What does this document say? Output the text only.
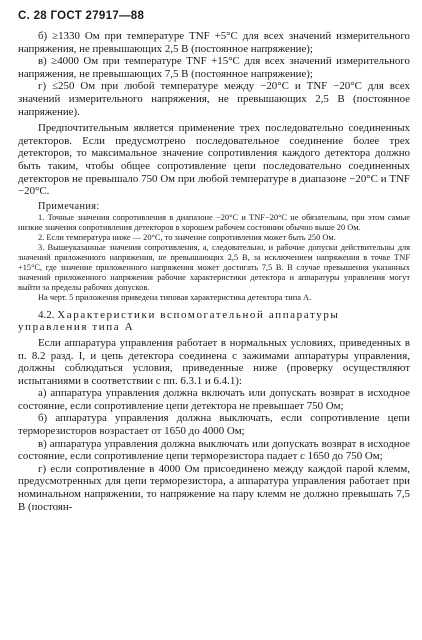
С. 28 ГОСТ 27917—88

б) ≥1330 Ом при температуре TNF +5°С для всех значений измерительного напряжения, не превышающих 2,5 В (постоянное напряжение);

в) ≥4000 Ом при температуре TNF +15°С для всех значений измерительного напряжения, не превышающих 7,5 В (постоянное напряжение);

г) ≤250 Ом при любой температуре между −20°С и TNF −20°С для всех значений измерительного напряжения, не превышающих 2,5 В (постоянное напряжение).

Предпочтительным является применение трех последовательно соединенных детекторов. Если предусмотрено последовательное соединение более трех детекторов, то максимальное значение сопротивления каждого детектора должно быть таким, чтобы общее сопротивление цепи последовательно соединенных детекторов не превышало 750 Ом при любой температуре в диапазоне −20°С и TNF −20°С.

Примечания:

1. Точные значения сопротивления в диапазоне −20°С и TNF−20°С не обязательны, при этом самые низкие значения сопротивления детекторов в хорошем рабочем состоянии обычно выше 20 Ом.

2. Если температура ниже — 20°С, то значение сопротивления может быть 250 Ом.

3. Вышеуказанные значения сопротивления, а, следовательно, и рабочие допуски действительны для значений приложенного напряжения, не превышающих 2,5 В, за исключением напряжения в точке TNF +15°С, где значение приложенного напряжения может достигать 7,5 В. В случае превышения указанных значений приложенного напряжения рабочие характеристики детектора и аппаратуры управления могут выйти за пределы рабочих допусков.

На черт. 5 приложения приведена типовая характеристика детектора типа А.

4.2. Характеристики вспомогательной аппаратуры управления типа А

Если аппаратура управления работает в нормальных условиях, приведенных в п. 8.2 разд. I, и цепь детектора соединена с зажимами аппаратуры управления, должны соблюдаться условия, приведенные ниже (проверку осуществляют испытаниями в соответствии с пп. 6.3.1 и 6.4.1):

а) аппаратура управления должна включать или допускать возврат в исходное состояние, если сопротивление цепи детектора не превышает 750 Ом;

б) аппаратура управления должна выключать, если сопротивление цепи терморезисторов возрастает от 1650 до 4000 Ом;

в) аппаратура управления должна выключать или допускать возврат в исходное состояние, если сопротивление цепи терморезистора падает с 1650 до 750 Ом;

г) если сопротивление в 4000 Ом присоединено между каждой парой клемм, предусмотренных для цепи терморезистора, а аппаратура управления работает при номинальном напряжении, то напряжение на пару клемм не должно превышать 7,5 В (постоян-
